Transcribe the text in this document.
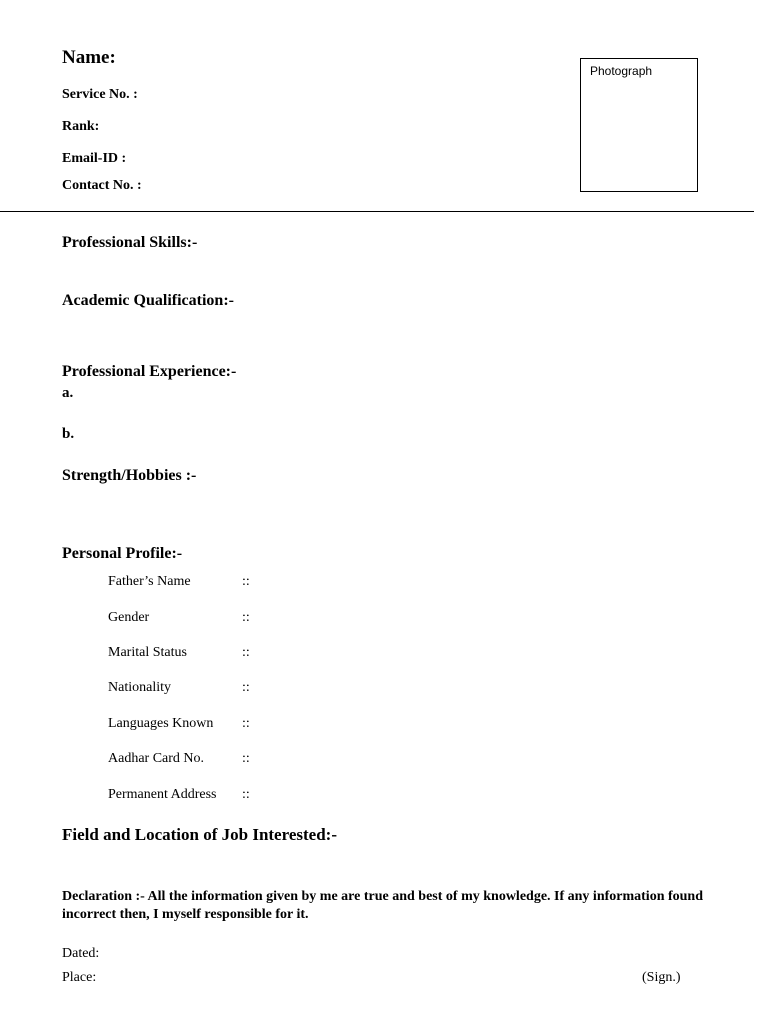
Name:
Service No. :
Rank:
Email-ID :
Contact No. :
Photograph
Professional Skills:-
Academic Qualification:-
Professional Experience:-
a.
b.
Strength/Hobbies :-
Personal Profile:-
Father’s Name	::
Gender	::
Marital Status	::
Nationality	::
Languages Known ::
Aadhar Card No.	::
Permanent Address ::
Field and Location of Job Interested:-
Declaration :- All the information given by me are true and best of my knowledge. If any information found incorrect then, I myself responsible for it.
Dated:
Place:	(Sign.)
